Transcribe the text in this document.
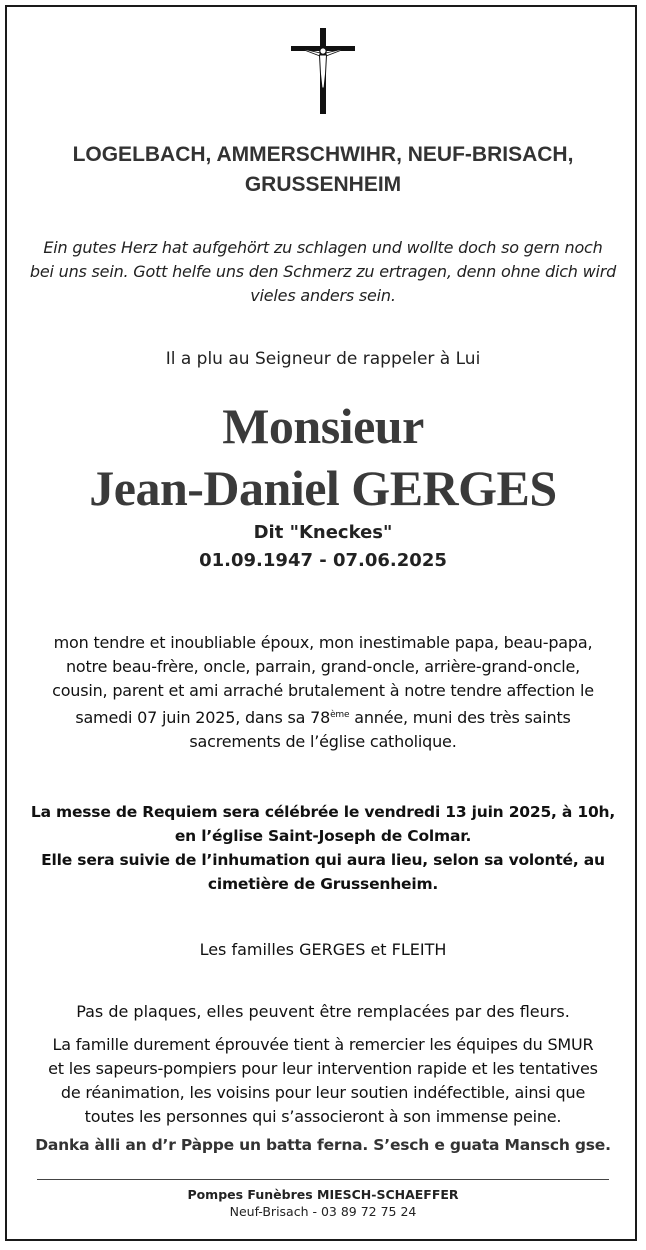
LOGELBACH, AMMERSCHWIHR, NEUF-BRISACH,
GRUSSENHEIM
Ein gutes Herz hat aufgehört zu schlagen und wollte doch so gern noch
bei uns sein. Gott helfe uns den Schmerz zu ertragen, denn ohne dich wird
vieles anders sein.
Il a plu au Seigneur de rappeler à Lui
Monsieur
Jean-Daniel GERGES
Dit "Kneckes"
01.09.1947 - 07.06.2025
mon tendre et inoubliable époux, mon inestimable papa, beau-papa,
notre beau-frère, oncle, parrain, grand-oncle, arrière-grand-oncle,
cousin, parent et ami arraché brutalement à notre tendre affection le
samedi 07 juin 2025, dans sa 78ème année, muni des très saints
sacrements de l’église catholique.
La messe de Requiem sera célébrée le vendredi 13 juin 2025, à 10h,
en l’église Saint-Joseph de Colmar.
Elle sera suivie de l’inhumation qui aura lieu, selon sa volonté, au
cimetière de Grussenheim.
Les familles GERGES et FLEITH
Pas de plaques, elles peuvent être remplacées par des fleurs.
La famille durement éprouvée tient à remercier les équipes du SMUR
et les sapeurs-pompiers pour leur intervention rapide et les tentatives
de réanimation, les voisins pour leur soutien indéfectible, ainsi que
toutes les personnes qui s’associeront à son immense peine.
Danka àlli an d’r Pàppe un batta ferna. S’esch e guata Mansch gse.
Pompes Funèbres MIESCH-SCHAEFFER
Neuf-Brisach - 03 89 72 75 24
